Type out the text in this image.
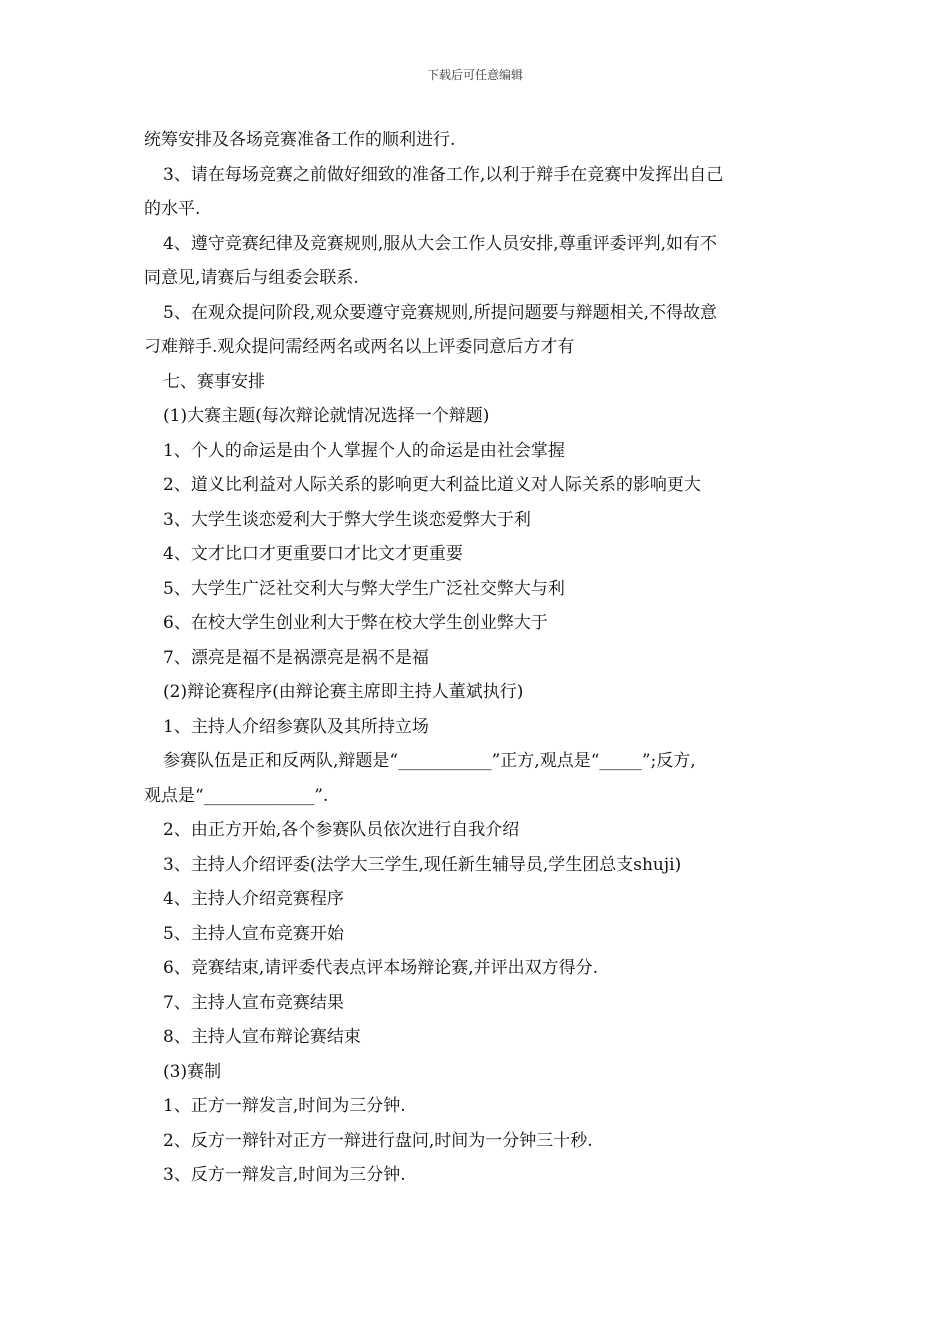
下载后可任意编辑
统筹安排及各场竞赛准备工作的顺利进行.
3、请在每场竞赛之前做好细致的准备工作,以利于辩手在竞赛中发挥出自己
的水平.
4、遵守竞赛纪律及竞赛规则,服从大会工作人员安排,尊重评委评判,如有不
同意见,请赛后与组委会联系.
5、在观众提问阶段,观众要遵守竞赛规则,所提问题要与辩题相关,不得故意
刁难辩手.观众提问需经两名或两名以上评委同意后方才有
七、赛事安排
(1)大赛主题(每次辩论就情况选择一个辩题)
1、个人的命运是由个人掌握个人的命运是由社会掌握
2、道义比利益对人际关系的影响更大利益比道义对人际关系的影响更大
3、大学生谈恋爱利大于弊大学生谈恋爱弊大于利
4、文才比口才更重要口才比文才更重要
5、大学生广泛社交利大与弊大学生广泛社交弊大与利
6、在校大学生创业利大于弊在校大学生创业弊大于
7、漂亮是福不是祸漂亮是祸不是福
(2)辩论赛程序(由辩论赛主席即主持人董斌执行)
1、主持人介绍参赛队及其所持立场
参赛队伍是正和反两队,辩题是“___________”正方,观点是“_____”;反方,
观点是“_____________”.
2、由正方开始,各个参赛队员依次进行自我介绍
3、主持人介绍评委(法学大三学生,现任新生辅导员,学生团总支shuji)
4、主持人介绍竞赛程序
5、主持人宣布竞赛开始
6、竞赛结束,请评委代表点评本场辩论赛,并评出双方得分.
7、主持人宣布竞赛结果
8、主持人宣布辩论赛结束
(3)赛制
1、正方一辩发言,时间为三分钟.
2、反方一辩针对正方一辩进行盘问,时间为一分钟三十秒.
3、反方一辩发言,时间为三分钟.
